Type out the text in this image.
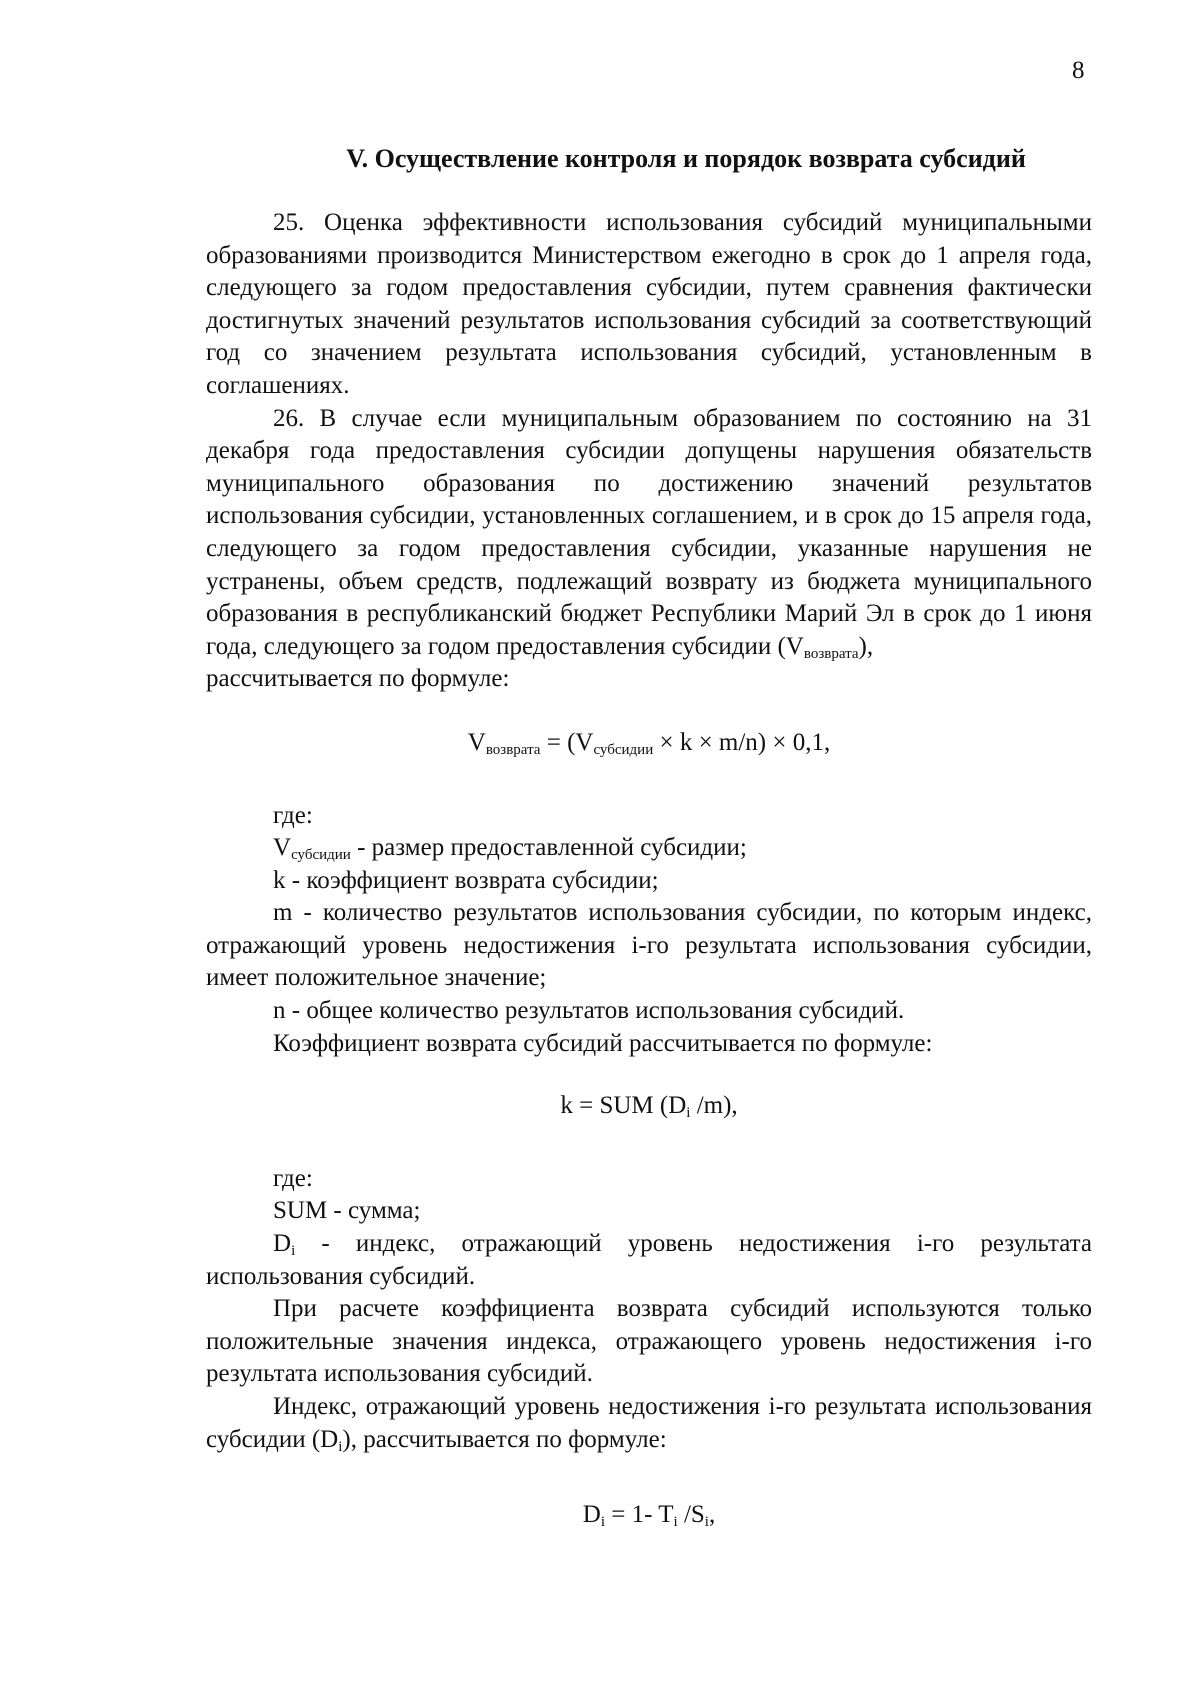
8
V. Осуществление контроля и порядок возврата субсидий

25. Оценка эффективности использования субсидий муниципальными образованиями производится Министерством ежегодно в срок до 1 апреля года, следующего за годом предоставления субсидии, путем сравнения фактически достигнутых значений результатов использования субсидий за соответствующий год со значением результата использования субсидий, установленным в соглашениях.

26. В случае если муниципальным образованием по состоянию на 31 декабря года предоставления субсидии допущены нарушения обязательств муниципального образования по достижению значений результатов использования субсидии, установленных соглашением, и в срок до 15 апреля года, следующего за годом предоставления субсидии, указанные нарушения не устранены, объем средств, подлежащий возврату из бюджета муниципального образования в республиканский бюджет Республики Марий Эл в срок до 1 июня года, следующего за годом предоставления субсидии $(V_{возврата})$,

рассчитывается по формуле:

$V_{возврата} = (V_{субсидии} \times k \times m/n) \times 0,1$,

где:

$V_{субсидии}$ - размер предоставленной субсидии;

k - коэффициент возврата субсидии;

m - количество результатов использования субсидии, по которым индекс, отражающий уровень недостижения i-го результата использования субсидии, имеет положительное значение;

n - общее количество результатов использования субсидий.

Коэффициент возврата субсидий рассчитывается по формуле:

k = SUM ($D_i$ /m),

где:

SUM - сумма;

$D_i$ - индекс, отражающий уровень недостижения i-го результата использования субсидий.

При расчете коэффициента возврата субсидий используются только положительные значения индекса, отражающего уровень недостижения i-го результата использования субсидий.

Индекс, отражающий уровень недостижения i-го результата использования субсидии $(D_i)$, рассчитывается по формуле:

$D_i = 1-$ $T_i$ $/S_i$,
